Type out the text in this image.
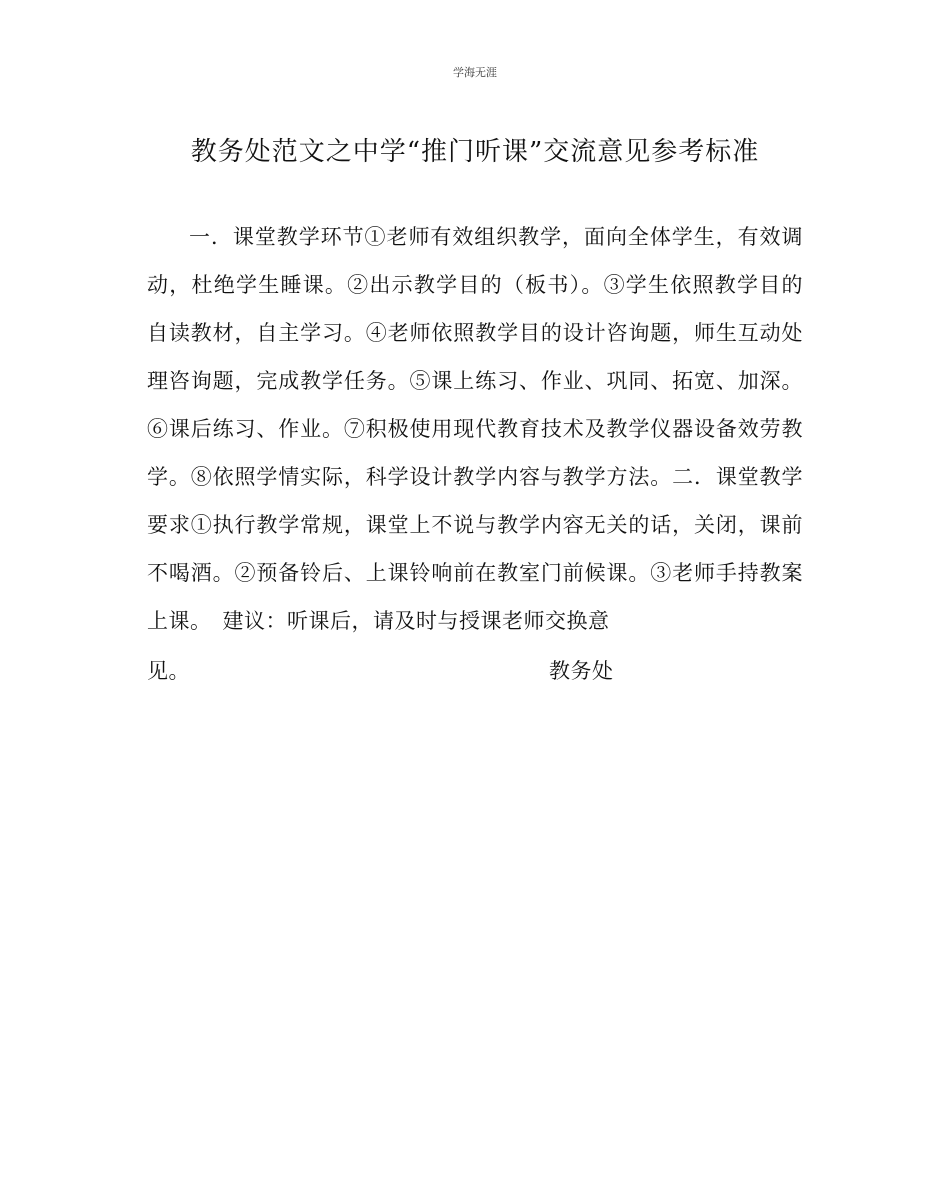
学海无涯
教务处范文之中学“推门听课”交流意见参考标准
一．课堂教学环节①老师有效组织教学，面向全体学生，有效调
动，杜绝学生睡课。②出示教学目的（板书）。③学生依照教学目的
自读教材，自主学习。④老师依照教学目的设计咨询题，师生互动处
理咨询题，完成教学任务。⑤课上练习、作业、巩同、拓宽、加深。
⑥课后练习、作业。⑦积极使用现代教育技术及教学仪器设备效劳教
学。⑧依照学情实际，科学设计教学内容与教学方法。二．课堂教学
要求①执行教学常规，课堂上不说与教学内容无关的话，关闭，课前
不喝酒。②预备铃后、上课铃响前在教室门前候课。③老师手持教案
上课。　建议：听课后，请及时与授课老师交换意
见。	教务处
